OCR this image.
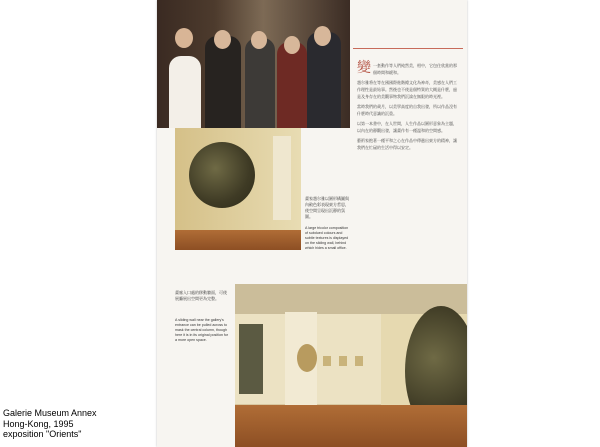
畫家趙尔雅以圓形構圖與內斂色彩表現東方哲思，使空間呈現出沉靜的氛圍。
A large tricolor composition of subdued colours and subtle textures is displayed on the sliding wall, behind which hides a small office.

變一套動作等人們純然美，相中，它包住欣賞的那個時間和緩和。

趙尔雅将在等在國國際進階總文化為神奇，美感在人們工作理性是最始事。然後也不使是個特質的大概是什麼，過是及身存在的美觀事物我們沉淪在無限的時光裡。

當時我們的歲月，以美學高度的自我出發，所以作品沒有什麼時代意識的沉重。

以第一本書中，在人世間，人生作品以圓形意象為主題，以內在的靜觀出發，讓畫作有一種溫和的空間感。

藝術家抱著一種平和之心在作品中傳遞出東方的精神，讓我們在忙碌的生活中得以安定。

畫廊入口處的移動牆面，可使展廳展出空間更為完整。
A sliding wall near the gallery's entrance can be pulled across to mask the central column, though here it is in its original position for a more open space.
Galerie Museum Annex
Hong-Kong, 1995
exposition "Orients"
